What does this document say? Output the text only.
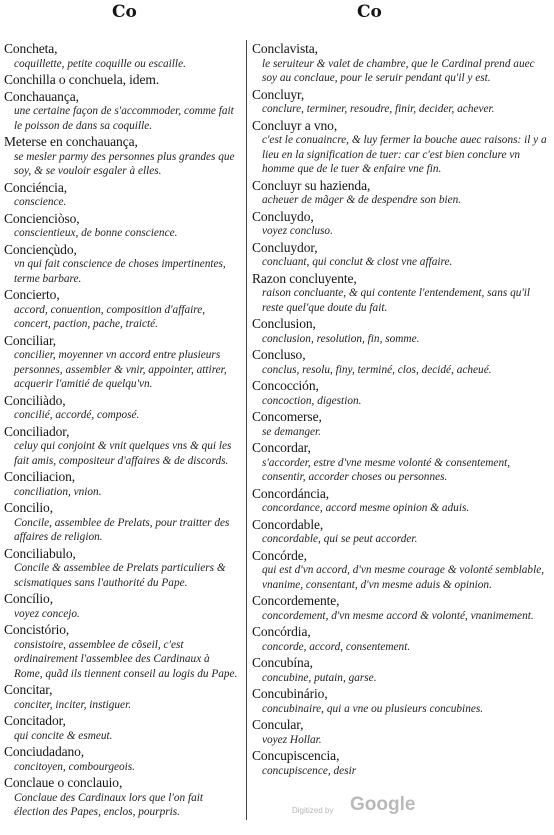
Co	Co
Concheta,
coquillette, petite coquille ou escaille.
Conchilla o conchuela, idem.
Conchauança,
une certaine façon de s'accommoder, comme fait le poisson de dans sa coquille.
Meterse en conchauança,
se mesler parmy des personnes plus grandes que soy, & se vouloir esgaler à elles.
Conciéncia,
conscience.
Concienciòso,
conscientieux, de bonne conscience.
Concienςùdo,
vn qui fait conscience de choses impertinentes, terme barbare.
Concierto,
accord, conuention, composition d'affaire, concert, paction, pache, traicté.
Conciliar,
concilier, moyenner vn accord entre plusieurs personnes, assembler & vnir, appointer, attirer, acquerir l'amitié de quelqu'vn.
Conciliàdo,
concilié, accordé, composé.
Conciliador,
celuy qui conjoint & vnit quelques vns & qui les fait amis, compositeur d'affaires & de discords.
Conciliacion,
conciliation, vnion.
Concilio,
Concile, assemblee de Prelats, pour traitter des affaires de religion.
Conciliabulo,
Concile & assemblee de Prelats particuliers & scismatiques sans l'authorité du Pape.
Concílio,
voyez concejo.
Concistório,
consistoire, assemblee de cõseil, c'est ordinairement l'assemblee des Cardinaux à Rome, quãd ils tiennent conseil au logis du Pape.
Concitar,
conciter, inciter, instiguer.
Concitador,
qui concite & esmeut.
Conciudadano,
concitoyen, combourgeois.
Conclaue o conclauio,
Conclaue des Cardinaux lors que l'on fait élection des Papes, enclos, pourpris.
Conclavista,
le seruiteur & valet de chambre, que le Cardinal prend auec soy au conclaue, pour le seruir pendant qu'il y est.
Concluyr,
conclure, terminer, resoudre, finir, decider, achever.
Concluyr a vno,
c'est le conuaincre, & luy fermer la bouche auec raisons: il y a lieu en la signification de tuer: car c'est bien conclure vn homme que de le tuer & enfaire vne fin.
Concluyr su hazienda,
acheuer de mãger & de despendre son bien.
Concluydo,
voyez concluso.
Concluydor,
concluant, qui conclut & clost vne affaire.
Razon concluyente,
raison concluante, & qui contente l'entendement, sans qu'il reste quel'que doute du fait.
Conclusion,
conclusion, resolution, fin, somme.
Concluso,
conclus, resolu, finy, terminé, clos, decidé, acheué.
Concocción,
concoction, digestion.
Concomerse,
se demanger.
Concordar,
s'accorder, estre d'vne mesme volonté & consentement, consentir, accorder choses ou personnes.
Concordáncia,
concordance, accord mesme opinion & aduis.
Concordable,
concordable, qui se peut accorder.
Concórde,
qui est d'vn accord, d'vn mesme courage & volonté semblable, vnanime, consentant, d'vn mesme aduis & opinion.
Concordemente,
concordement, d'vn mesme accord & volonté, vnanimement.
Concórdia,
concorde, accord, consentement.
Concubína,
concubine, putain, garse.
Concubinário,
concubinaire, qui a vne ou plusieurs concubines.
Concular,
voyez Hollar.
Concupiscencia,
concupiscence, desir
Digitized by Google
